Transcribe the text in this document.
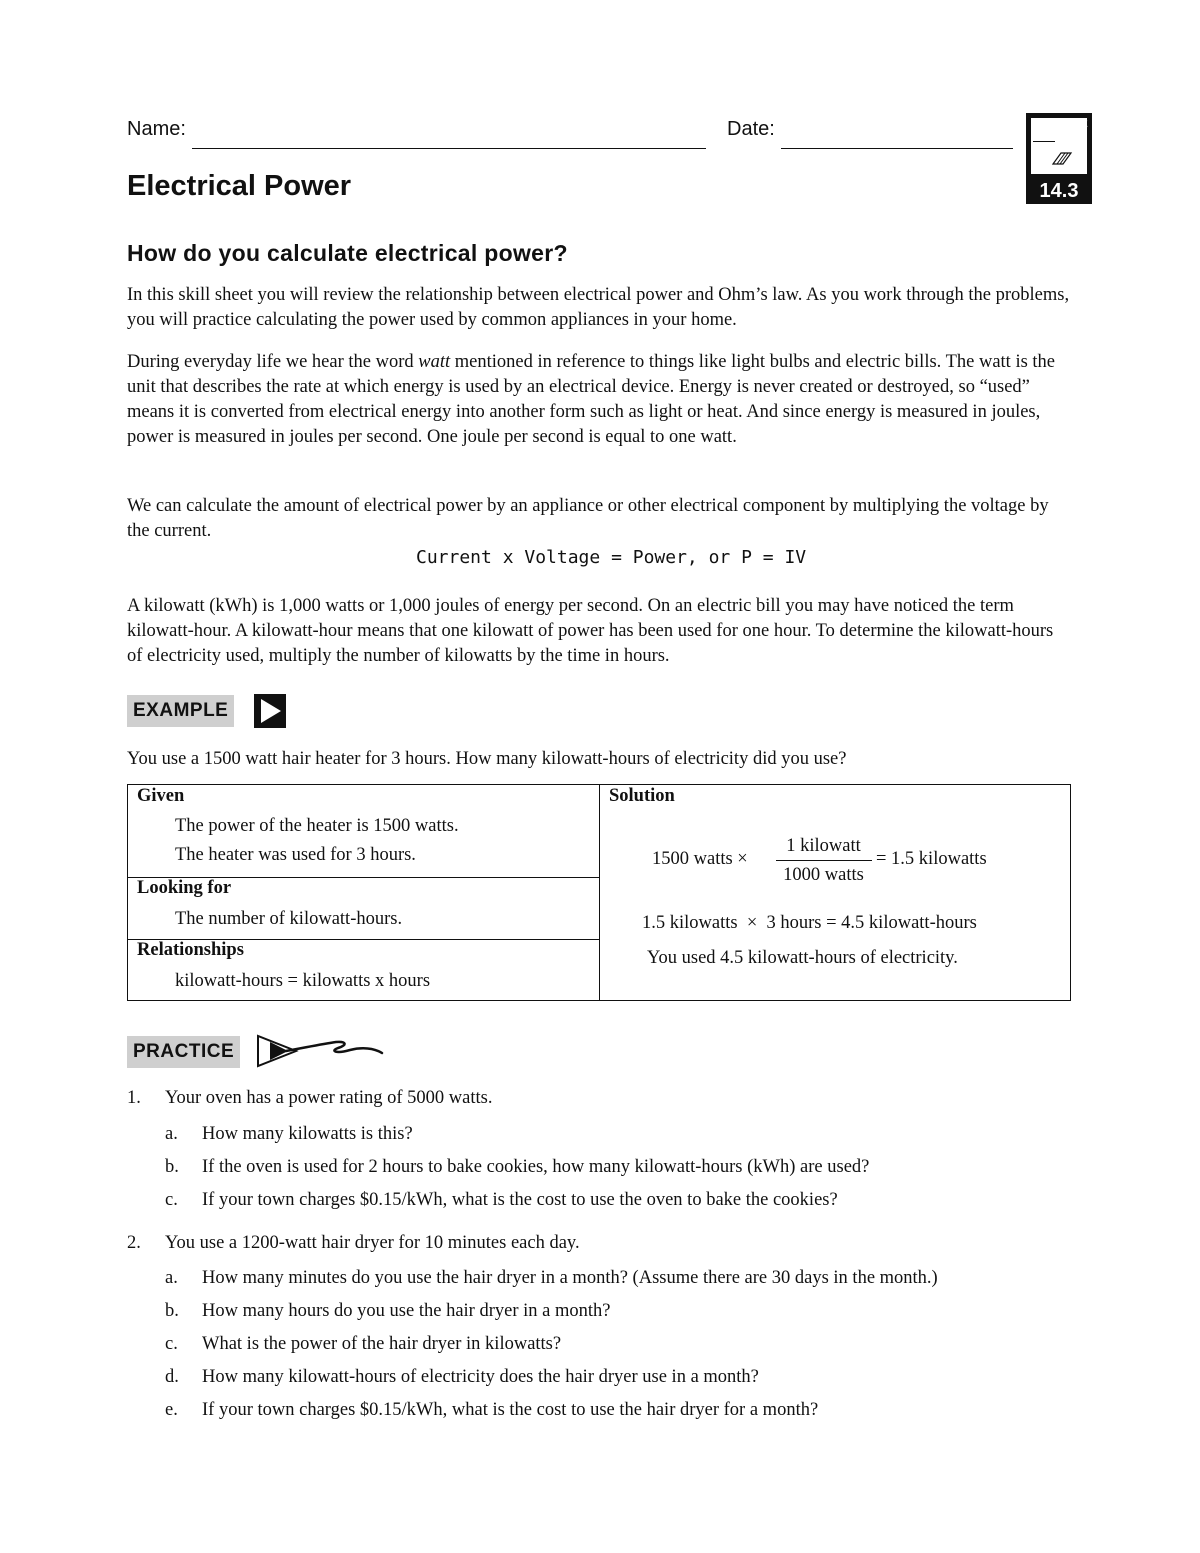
Name:	Date:	PRACTICE
112m =
4 sec
14.3
Electrical Power
How do you calculate electrical power?
In this skill sheet you will review the relationship between electrical power and Ohm’s law. As you work through the problems, you will practice calculating the power used by common appliances in your home.
During everyday life we hear the word watt mentioned in reference to things like light bulbs and electric bills. The watt is the unit that describes the rate at which energy is used by an electrical device. Energy is never created or destroyed, so “used” means it is converted from electrical energy into another form such as light or heat. And since energy is measured in joules, power is measured in joules per second. One joule per second is equal to one watt.
We can calculate the amount of electrical power by an appliance or other electrical component by multiplying the voltage by the current.
Current x Voltage = Power, or P = IV
A kilowatt (kWh) is 1,000 watts or 1,000 joules of energy per second. On an electric bill you may have noticed the term kilowatt-hour. A kilowatt-hour means that one kilowatt of power has been used for one hour. To determine the kilowatt-hours of electricity used, multiply the number of kilowatts by the time in hours.
EXAMPLE
You use a 1500 watt hair heater for 3 hours. How many kilowatt-hours of electricity did you use?
Given
The power of the heater is 1500 watts.
The heater was used for 3 hours.
Looking for
The number of kilowatt-hours.
Relationships
kilowatt-hours = kilowatts x hours
Solution
1500 watts ×
1 kilowatt
1000 watts
= 1.5 kilowatts
1.5 kilowatts  ×  3 hours = 4.5 kilowatt-hours
You used 4.5 kilowatt-hours of electricity.
PRACTICE
1. Your oven has a power rating of 5000 watts.
a. How many kilowatts is this?
b. If the oven is used for 2 hours to bake cookies, how many kilowatt-hours (kWh) are used?
c. If your town charges $0.15/kWh, what is the cost to use the oven to bake the cookies?
2. You use a 1200-watt hair dryer for 10 minutes each day.
a. How many minutes do you use the hair dryer in a month? (Assume there are 30 days in the month.)
b. How many hours do you use the hair dryer in a month?
c. What is the power of the hair dryer in kilowatts?
d. How many kilowatt-hours of electricity does the hair dryer use in a month?
e. If your town charges $0.15/kWh, what is the cost to use the hair dryer for a month?
